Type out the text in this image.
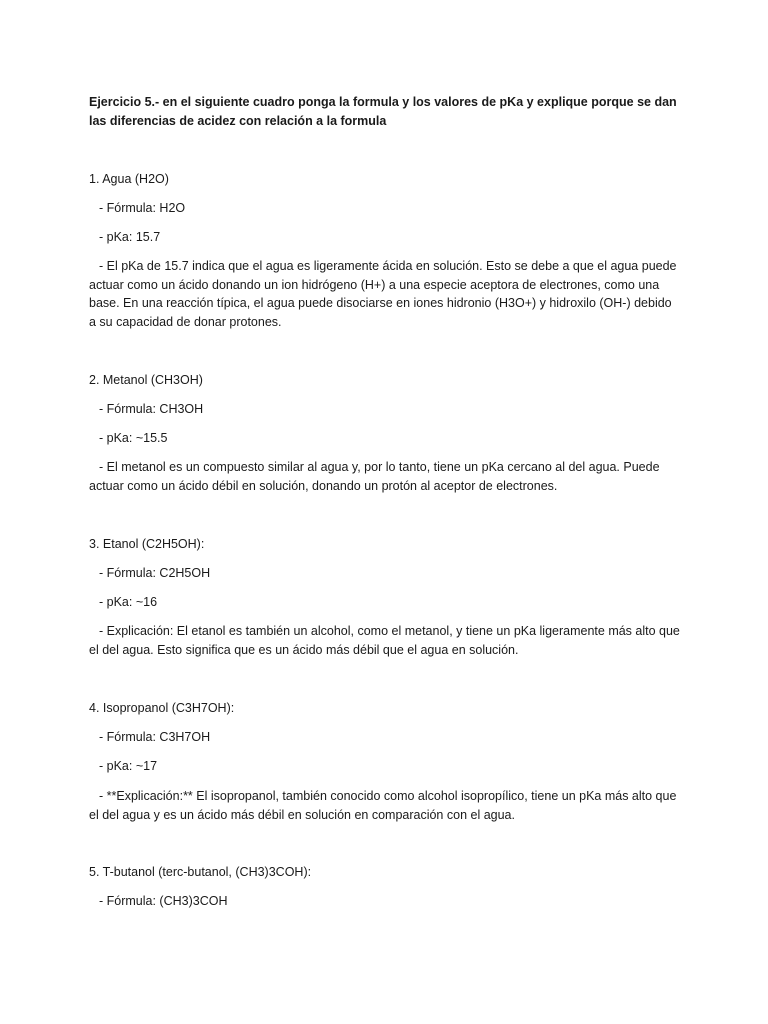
Ejercicio 5.- en el siguiente cuadro ponga la formula y los valores de pKa y explique porque se dan las diferencias de acidez con relación a la formula

1. Agua (H2O)

- Fórmula: H2O

- pKa: 15.7

- El pKa de 15.7 indica que el agua es ligeramente ácida en solución. Esto se debe a que el agua puede actuar como un ácido donando un ion hidrógeno (H+) a una especie aceptora de electrones, como una base. En una reacción típica, el agua puede disociarse en iones hidronio (H3O+) y hidroxilo (OH-) debido a su capacidad de donar protones.

2. Metanol (CH3OH)

- Fórmula: CH3OH

- pKa: ~15.5

- El metanol es un compuesto similar al agua y, por lo tanto, tiene un pKa cercano al del agua. Puede actuar como un ácido débil en solución, donando un protón al aceptor de electrones.

3. Etanol (C2H5OH):

- Fórmula: C2H5OH

- pKa: ~16

- Explicación: El etanol es también un alcohol, como el metanol, y tiene un pKa ligeramente más alto que el del agua. Esto significa que es un ácido más débil que el agua en solución.

4. Isopropanol (C3H7OH):

- Fórmula: C3H7OH

- pKa: ~17

- **Explicación:** El isopropanol, también conocido como alcohol isopropílico, tiene un pKa más alto que el del agua y es un ácido más débil en solución en comparación con el agua.

5. T-butanol (terc-butanol, (CH3)3COH):

- Fórmula: (CH3)3COH
